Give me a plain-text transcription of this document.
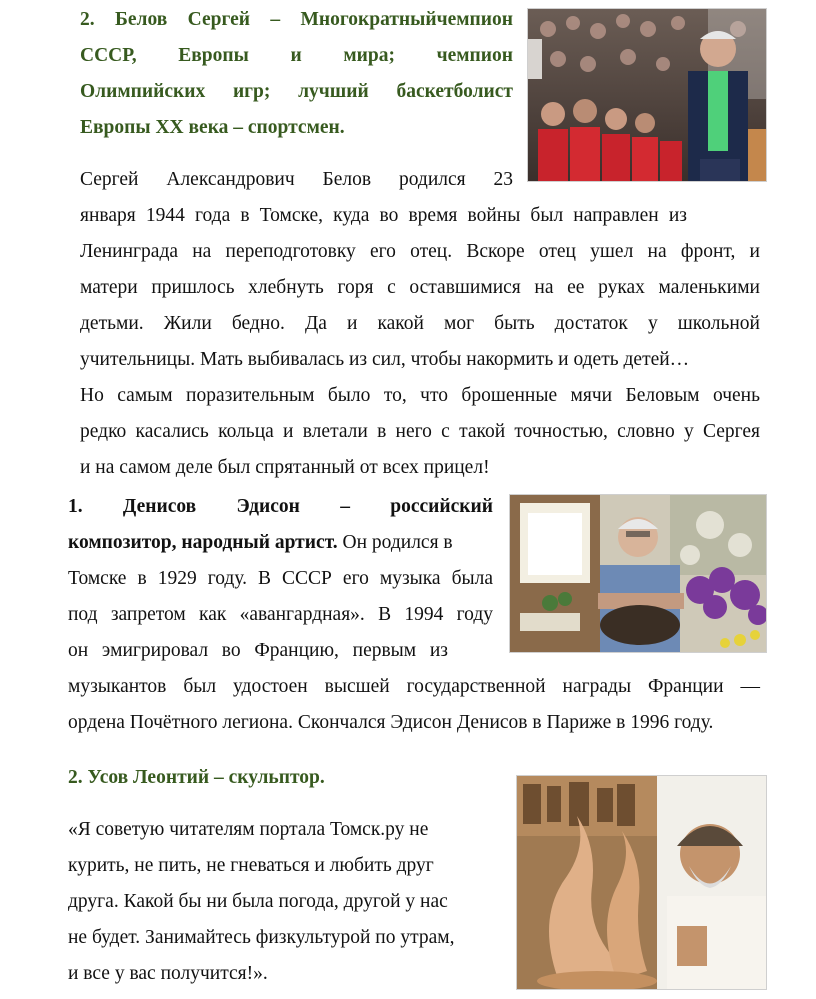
2. Белов Сергей – Многократныйчемпион

СССР, Европы и мира; чемпион

Олимпийских игр; лучший баскетболист

Европы XX века – спортсмен.

Сергей Александрович Белов родился 23

января 1944 года в Томске, куда во время войны был направлен из

Ленинграда на переподготовку его отец. Вскоре отец ушел на фронт, и

матери пришлось хлебнуть горя с оставшимися на ее руках маленькими

детьми. Жили бедно. Да и какой мог быть достаток у школьной

учительницы. Мать выбивалась из сил, чтобы накормить и одеть детей…

Но самым поразительным было то, что брошенные мячи Беловым очень

редко касались кольца и влетали в него с такой точностью, словно у Сергея

и на самом деле был спрятанный от всех прицел!

1. Денисов Эдисон – российский

композитор, народный артист. Он родился в

Томске в 1929 году. В СССР его музыка была

под запретом как «авангардная». В 1994 году

он эмигрировал во Францию, первым из

музыкантов был удостоен высшей государственной награды Франции —

ордена Почётного легиона. Скончался Эдисон Денисов в Париже в 1996 году.

2. Усов Леонтий – скульптор.

«Я советую читателям портала Томск.ру не

курить, не пить, не гневаться и любить друг

друга. Какой бы ни была погода, другой у нас

не будет. Занимайтесь физкультурой по утрам,

и все у вас получится!».
